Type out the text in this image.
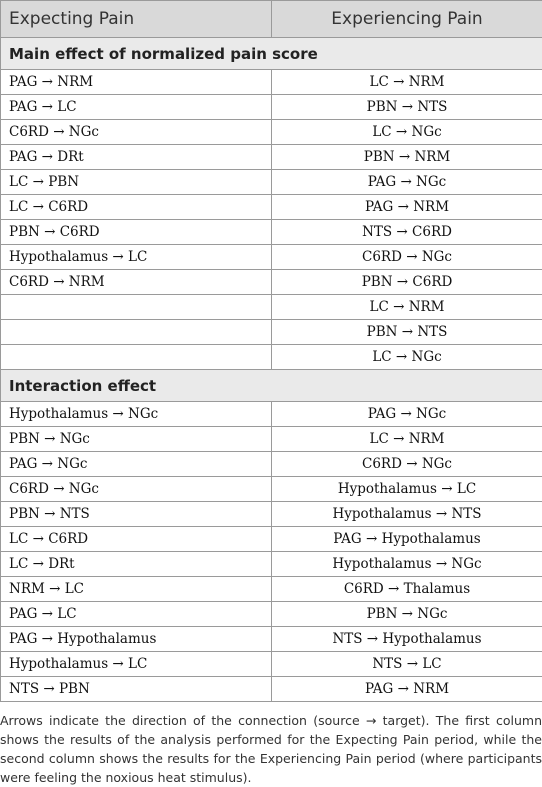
Expecting Pain	Experiencing Pain
Main effect of normalized pain score	
PAG → NRM	LC → NRM
PAG → LC	PBN → NTS
C6RD → NGc	LC → NGc
PAG → DRt	PBN → NRM
LC → PBN	PAG → NGc
LC → C6RD	PAG → NRM
PBN → C6RD	NTS → C6RD
Hypothalamus → LC	C6RD → NGc
C6RD → NRM	PBN → C6RD
	LC → NRM
	PBN → NTS
	LC → NGc
Interaction effect	
Hypothalamus → NGc	PAG → NGc
PBN → NGc	LC → NRM
PAG → NGc	C6RD → NGc
C6RD → NGc	Hypothalamus → LC
PBN → NTS	Hypothalamus → NTS
LC → C6RD	PAG → Hypothalamus
LC → DRt	Hypothalamus → NGc
NRM → LC	C6RD → Thalamus
PAG → LC	PBN → NGc
PAG → Hypothalamus	NTS → Hypothalamus
Hypothalamus → LC	NTS → LC
NTS → PBN	PAG → NRM

Arrows indicate the direction of the connection (source → target). The first column shows the results of the analysis performed for the Expecting Pain period, while the second column shows the results for the Experiencing Pain period (where participants were feeling the noxious heat stimulus).
